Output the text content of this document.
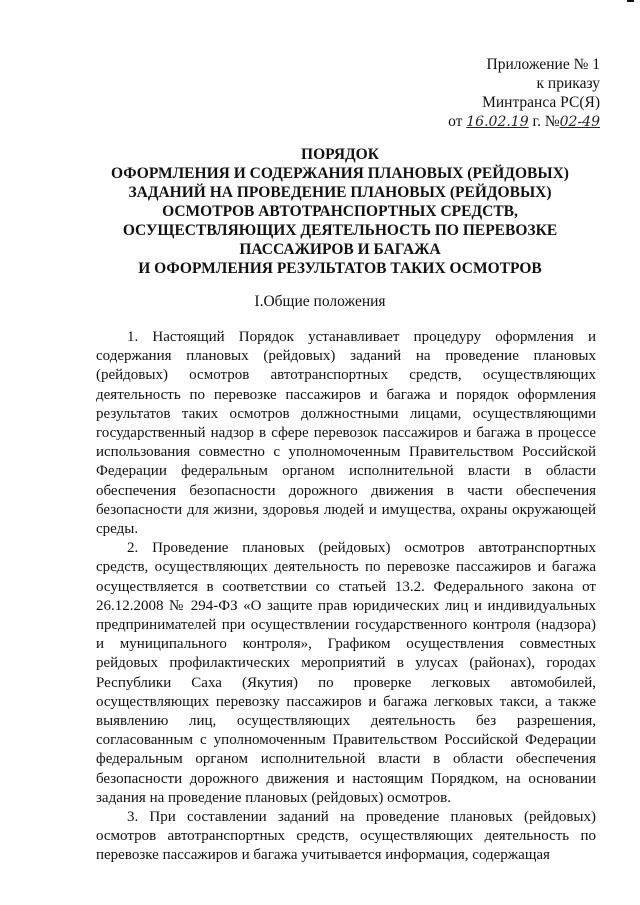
Приложение № 1
к приказу
Минтранса РС(Я)
от 16.02.19 г. №02-49
ПОРЯДОК
ОФОРМЛЕНИЯ И СОДЕРЖАНИЯ ПЛАНОВЫХ (РЕЙДОВЫХ)
ЗАДАНИЙ НА ПРОВЕДЕНИЕ ПЛАНОВЫХ (РЕЙДОВЫХ)
ОСМОТРОВ АВТОТРАНСПОРТНЫХ СРЕДСТВ,
ОСУЩЕСТВЛЯЮЩИХ ДЕЯТЕЛЬНОСТЬ ПО ПЕРЕВОЗКЕ
ПАССАЖИРОВ И БАГАЖА
И ОФОРМЛЕНИЯ РЕЗУЛЬТАТОВ ТАКИХ ОСМОТРОВ
I.Общие положения

1. Настоящий Порядок устанавливает процедуру оформления и содержания плановых (рейдовых) заданий на проведение плановых (рейдовых) осмотров автотранспортных средств, осуществляющих деятельность по перевозке пассажиров и багажа и порядок оформления результатов таких осмотров должностными лицами, осуществляющими государственный надзор в сфере перевозок пассажиров и багажа в процессе использования совместно с уполномоченным Правительством Российской Федерации федеральным органом исполнительной власти в области обеспечения безопасности дорожного движения в части обеспечения безопасности для жизни, здоровья людей и имущества, охраны окружающей среды.

2. Проведение плановых (рейдовых) осмотров автотранспортных средств, осуществляющих деятельность по перевозке пассажиров и багажа осуществляется в соответствии со статьей 13.2. Федерального закона от 26.12.2008 № 294-ФЗ «О защите прав юридических лиц и индивидуальных предпринимателей при осуществлении государственного контроля (надзора) и муниципального контроля», Графиком осуществления совместных рейдовых профилактических мероприятий в улусах (районах), городах Республики Саха (Якутия) по проверке легковых автомобилей, осуществляющих перевозку пассажиров и багажа легковых такси, а также выявлению лиц, осуществляющих деятельность без разрешения, согласованным с уполномоченным Правительством Российской Федерации федеральным органом исполнительной власти в области обеспечения безопасности дорожного движения и настоящим Порядком, на основании задания на проведение плановых (рейдовых) осмотров.

3. При составлении заданий на проведение плановых (рейдовых) осмотров автотранспортных средств, осуществляющих деятельность по перевозке пассажиров и багажа учитывается информация, содержащая
